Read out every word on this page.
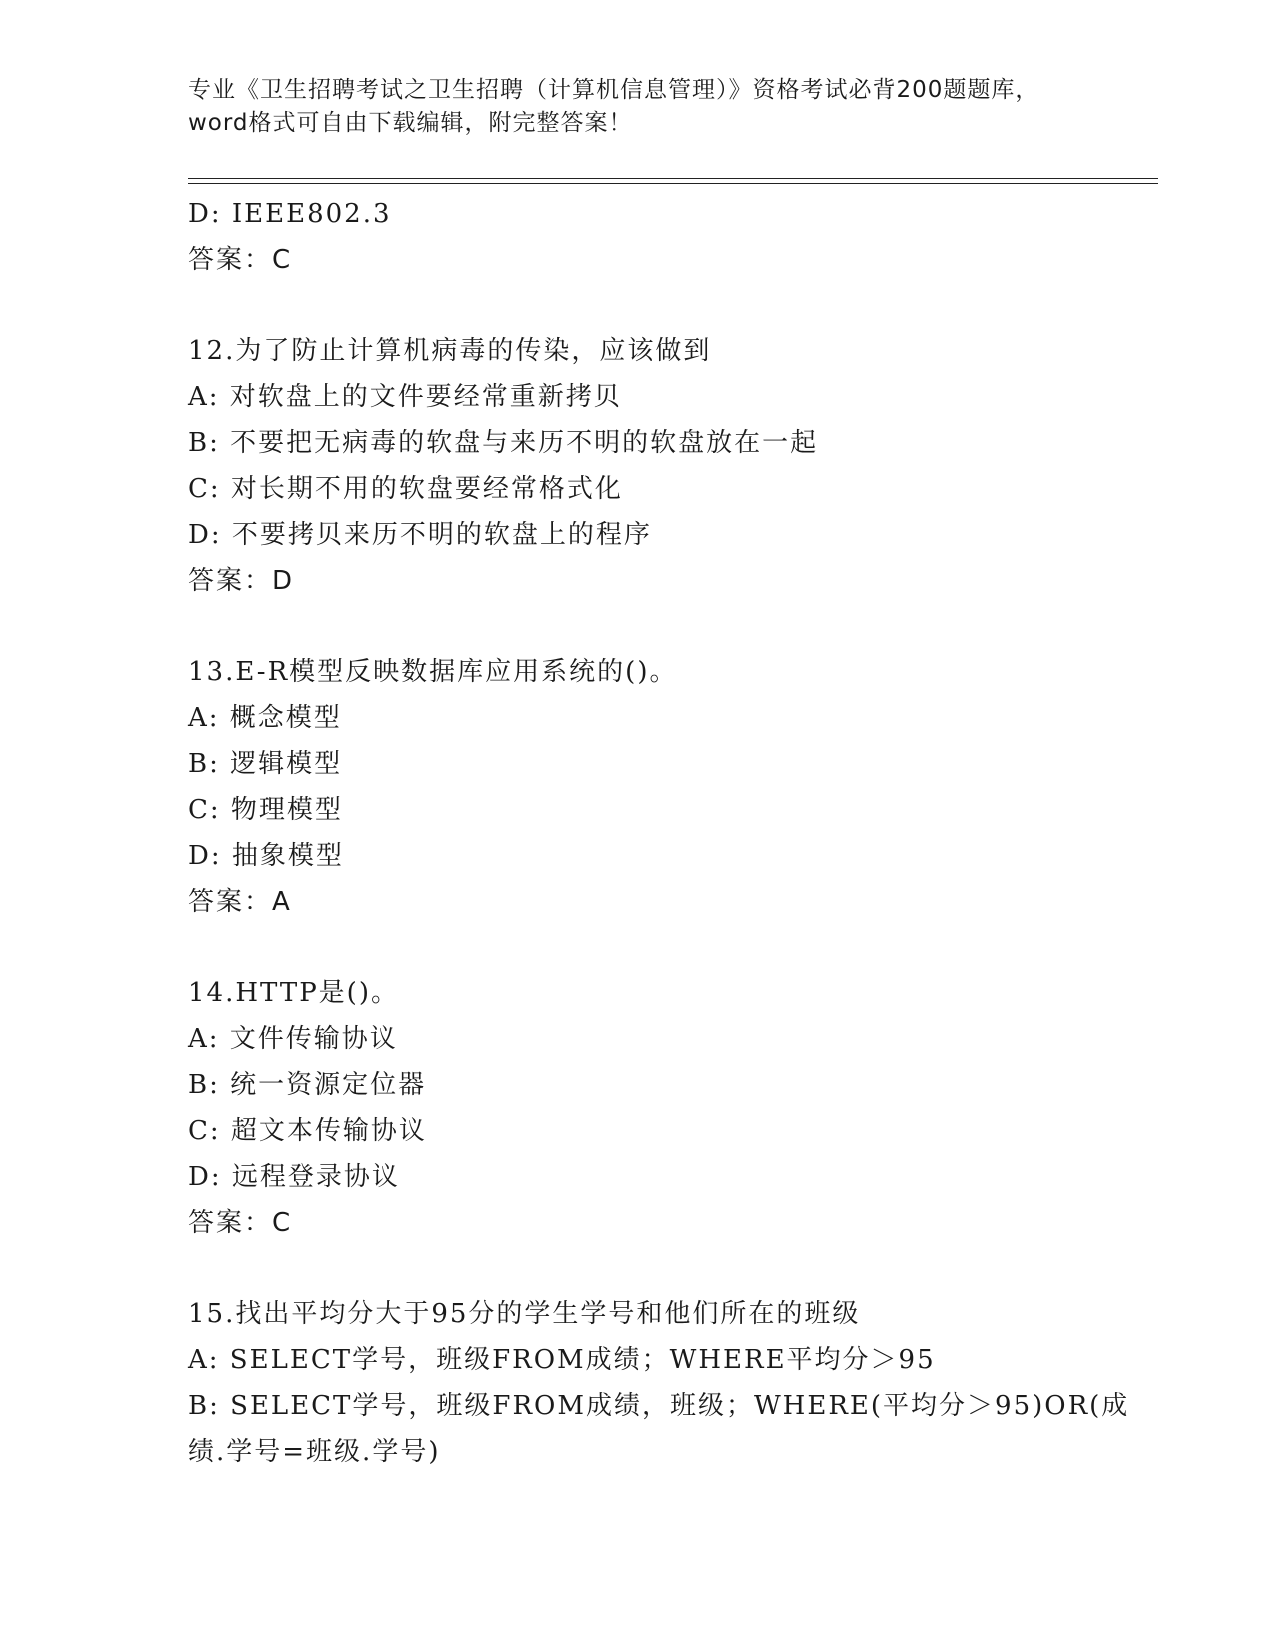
专业《卫生招聘考试之卫生招聘（计算机信息管理）》资格考试必背200题题库，
word格式可自由下载编辑，附完整答案！
D: IEEE802.3
答案：C
12.为了防止计算机病毒的传染，应该做到
A: 对软盘上的文件要经常重新拷贝
B: 不要把无病毒的软盘与来历不明的软盘放在一起
C: 对长期不用的软盘要经常格式化
D: 不要拷贝来历不明的软盘上的程序
答案：D
13.E-R模型反映数据库应用系统的()。
A: 概念模型
B: 逻辑模型
C: 物理模型
D: 抽象模型
答案：A
14.HTTP是()。
A: 文件传输协议
B: 统一资源定位器
C: 超文本传输协议
D: 远程登录协议
答案：C
15.找出平均分大于95分的学生学号和他们所在的班级
A: SELECT学号，班级FROM成绩；WHERE平均分＞95
B: SELECT学号，班级FROM成绩，班级；WHERE(平均分＞95)OR(成绩.学号=班级.学号)
